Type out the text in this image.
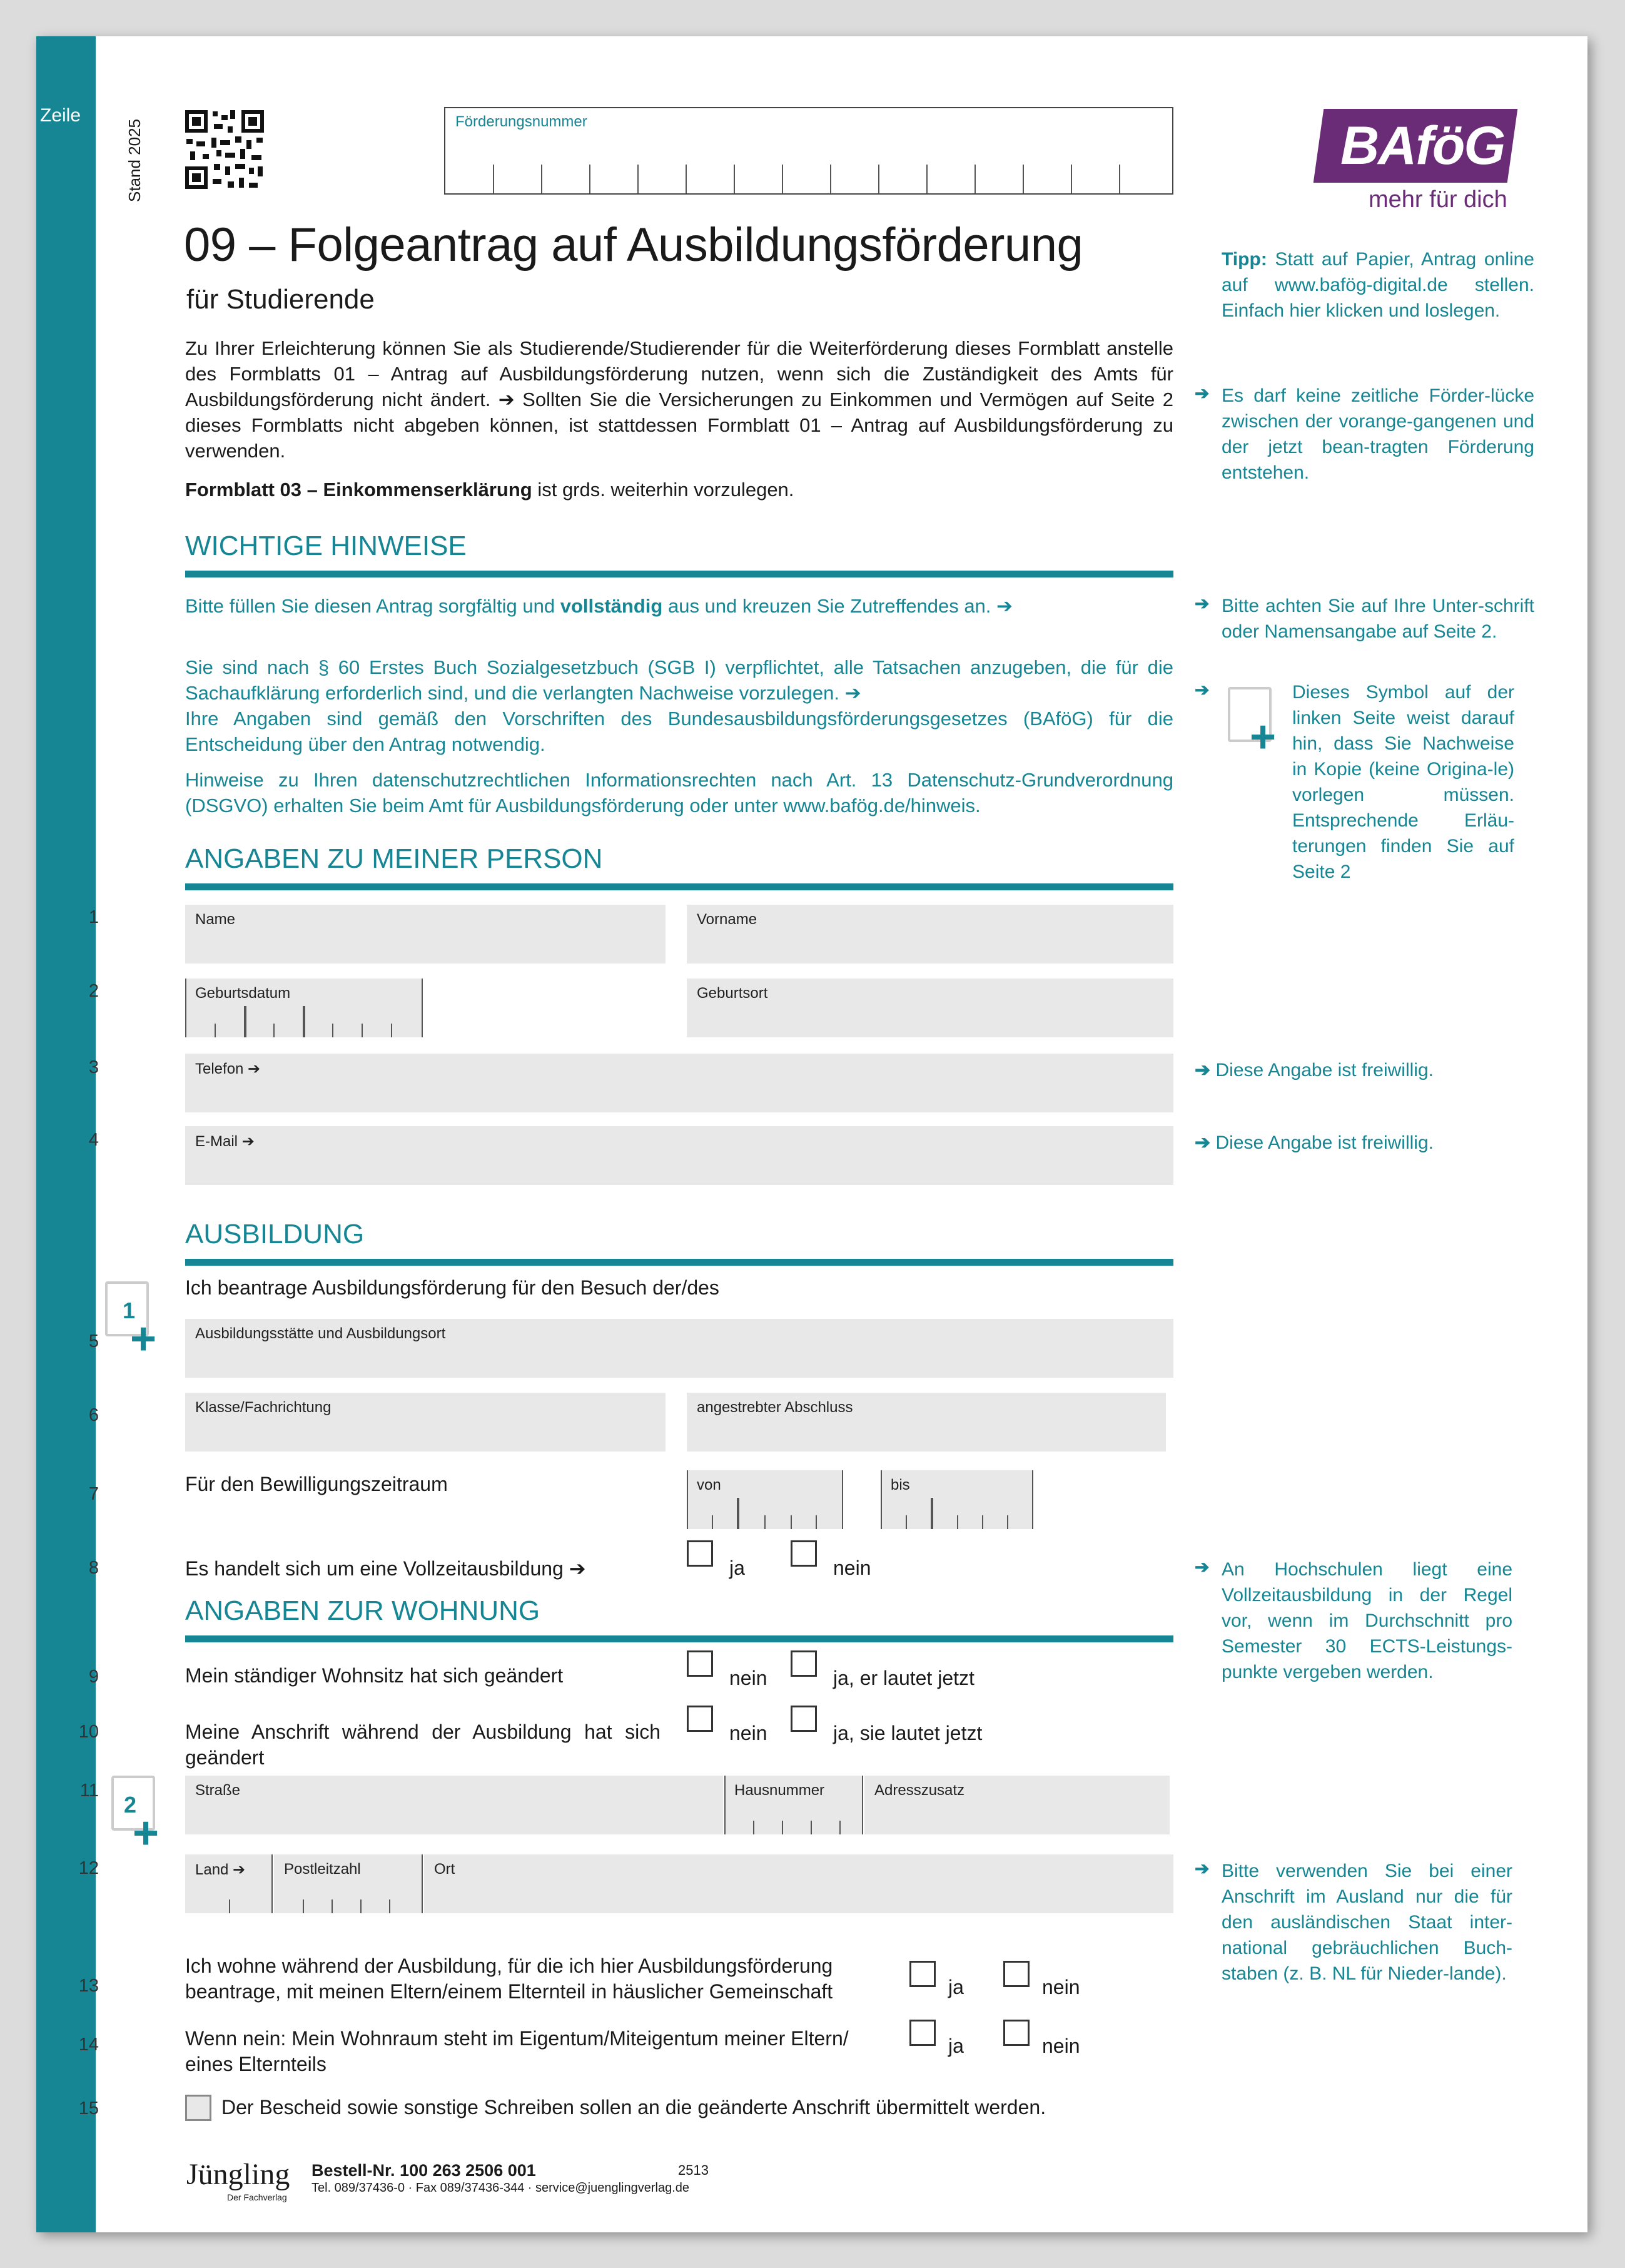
Zeile
Stand 2025	Förderungsnummer	BAföG
mehr für dich
09 – Folgeantrag auf Ausbildungsförderung
für Studierende
Zu Ihrer Erleichterung können Sie als Studierende/Studierender für die Weiterförderung dieses Formblatt anstelle des Formblatts 01 – Antrag auf Ausbildungsförderung nutzen, wenn sich die Zuständigkeit des Amts für Ausbildungsförderung nicht ändert. ➔ Sollten Sie die Versicherungen zu Einkommen und Vermögen auf Seite 2 dieses Formblatts nicht abgeben können, ist stattdessen Formblatt 01 – Antrag auf Ausbildungsförderung zu verwenden.
Formblatt 03 – Einkommenserklärung ist grds. weiterhin vorzulegen.
Tipp: Statt auf Papier, Antrag online auf www.bafög-digital.de stellen. Einfach hier klicken und loslegen.
➔ Es darf keine zeitliche Förder-lücke zwischen der vorange-gangenen und der jetzt bean-tragten Förderung entstehen.
WICHTIGE HINWEISE
Bitte füllen Sie diesen Antrag sorgfältig und vollständig aus und kreuzen Sie Zutreffendes an. ➔
Sie sind nach § 60 Erstes Buch Sozialgesetzbuch (SGB I) verpflichtet, alle Tatsachen anzugeben, die für die Sachaufklärung erforderlich sind, und die verlangten Nachweise vorzulegen. ➔
Ihre Angaben sind gemäß den Vorschriften des Bundesausbildungsförderungsgesetzes (BAföG) für die Entscheidung über den Antrag notwendig.
Hinweise zu Ihren datenschutzrechtlichen Informationsrechten nach Art. 13 Datenschutz-Grundverordnung (DSGVO) erhalten Sie beim Amt für Ausbildungsförderung oder unter www.bafög.de/hinweis.
➔ Bitte achten Sie auf Ihre Unter-schrift oder Namensangabe auf Seite 2.
➔
+
Dieses Symbol auf der linken Seite weist darauf hin, dass Sie Nachweise in Kopie (keine Origina-le) vorlegen müssen. Entsprechende Erläu-terungen finden Sie auf Seite 2
ANGABEN ZU MEINER PERSON
1	Name	Vorname
2	Geburtsdatum	Geburtsort
3	Telefon ➔	➔ Diese Angabe ist freiwillig.
4	E-Mail ➔	➔ Diese Angabe ist freiwillig.
AUSBILDUNG
Ich beantrage Ausbildungsförderung für den Besuch der/des
1
+
5	Ausbildungsstätte und Ausbildungsort
6	Klasse/Fachrichtung	angestrebter Abschluss
7	Für den Bewilligungszeitraum	von	bis
8	Es handelt sich um eine Vollzeitausbildung ➔	ja	nein	➔ An Hochschulen liegt eine Vollzeitausbildung in der Regel vor, wenn im Durchschnitt pro Semester 30 ECTS-Leistungs-punkte vergeben werden.
ANGABEN ZUR WOHNUNG
9	Mein ständiger Wohnsitz hat sich geändert	nein	ja, er lautet jetzt
10	Meine Anschrift während der Ausbildung hat sich geändert
nein	ja, sie lautet jetzt
2
+
11	Straße	Hausnummer	Adresszusatz
12	Land ➔	Postleitzahl	Ort	➔ Bitte verwenden Sie bei einer Anschrift im Ausland nur die für den ausländischen Staat inter-national gebräuchlichen Buch-staben (z. B. NL für Nieder-lande).
13
Ich wohne während der Ausbildung, für die ich hier Ausbildungsförderung beantrage, mit meinen Eltern/einem Elternteil in häuslicher Gemeinschaft	ja	nein
14	Wenn nein: Mein Wohnraum steht im Eigentum/Miteigentum meiner Eltern/ eines Elternteils
ja	nein
15	Der Bescheid sowie sonstige Schreiben sollen an die geänderte Anschrift übermittelt werden.
Jüngling
Der Fachverlag
Bestell-Nr. 100 263 2506 001	2513
Tel. 089/37436-0 · Fax 089/37436-344 · service@juenglingverlag.de
